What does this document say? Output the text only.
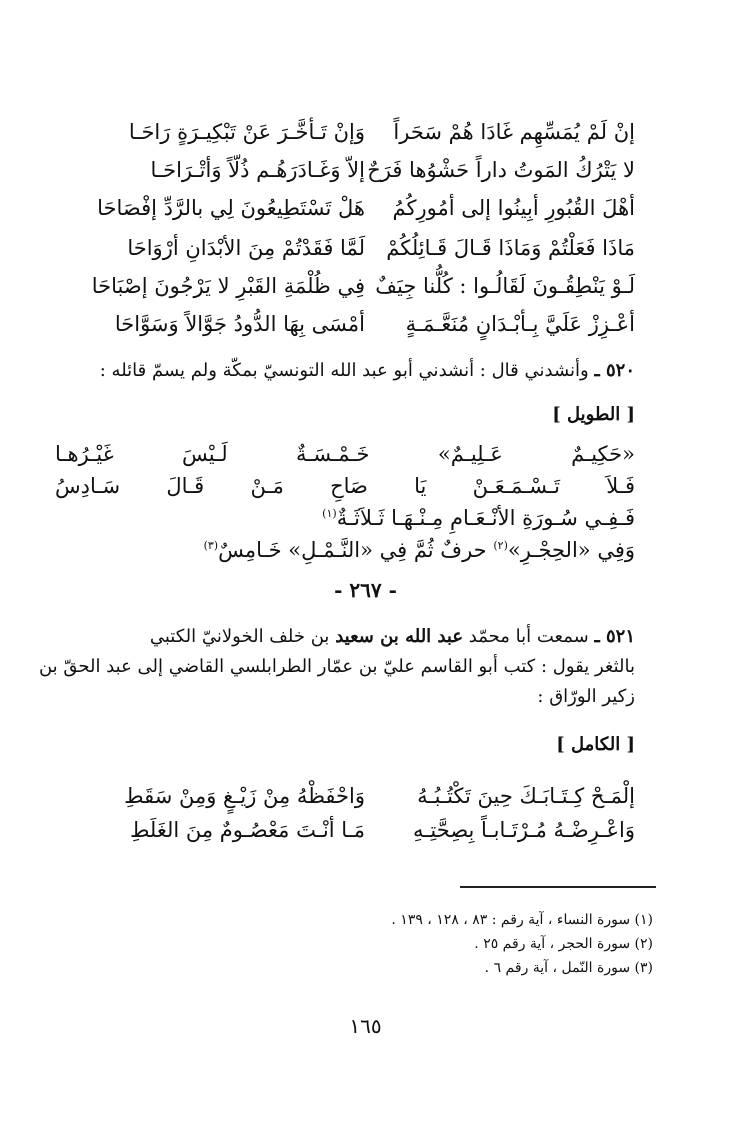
إنْ لَمْ يُمَسِّهِم غَادَا هُمْ سَحَراً
وَإنْ تَـأخَّـرَ عَنْ تَبْكِيـرَةٍ رَاحَـا
لا يَتْرُكُ المَوتُ داراً حَشْوُها فَرَحٌ
إلاّ وَغَـادَرَهُـم ذُلّاً وَأتْـرَاحَـا
أهْلَ القُبُورِ أبِينُوا إلى أمُورِكُمُ
هَلْ تَسْتَطِيعُونَ لِي بالرَّدِّ إفْصَاحَا
مَاذَا فَعَلْتُمْ وَمَاذَا قَـالَ قَـائِلُكُمْ
لَمَّا فَقَدْتُمْ مِنَ الأبْدَانِ أرْوَاحَا
لَـوْ يَنْطِقُـونَ لَقَالُـوا : كُلُّنا جِيَفٌ
فِي ظُلْمَةِ القَبْرِ لا يَرْجُونَ إصْبَاحَا
أعْـزِزْ عَلَيَّ بِـأبْـدَانٍ مُنَعَّـمَـةٍ
أمْسَى بِهَا الدُّودُ جَوَّالاً وَسَوَّاحَا
٥٢٠ ـ وأنشدني قال : أنشدني أبو عبد الله التونسيّ بمكّة ولم يسمّ قائله :
[ الطويل ]
«حَكِيـمٌ عَـلِيـمٌ» خَـمْـسَـةٌ لَـيْسَ غَيْـرُهـا
فَـلاَ تَـسْـمَـعَـنْ يَا صَاحِ مَـنْ قَـالَ سَـادِسُ
فَـفِـي سُـورَةِ الأنْـعَـامِ مِـنْـهَـا ثَـلاَثَـةٌ$^{(١)}$
وَفِي «الحِجْـرِ»$^{(٢)}$ حرفٌ ثُمَّ فِي «النَّـمْـلِ» خَـامِسٌ$^{(٣)}$
- ٢٦٧ -
٥٢١ ـ سمعت أبا محمّد عبد الله بن سعيد بن خلف الخولانيّ الكتبي
بالثغر يقول : كتب أبو القاسم عليّ بن عمّار الطرابلسي القاضي إلى عبد الحقّ بن
زكير الورّاق :
[ الكامل ]
إلْمَـحْ كِـتَـابَـكَ حِينَ تَكْتُـبُـهُ
وَاحْفَظْهُ مِنْ زَيْـغٍ وَمِنْ سَقَطِ
وَاعْـرِضْـهُ مُـرْتَـابـاً بِصِحَّتِـهِ
مَـا أنْـتَ مَعْصُـومٌ مِنَ الغَلَطِ
(١) سورة النساء ، آية رقم : ٨٣ ، ١٢٨ ، ١٣٩ .
(٢) سورة الحجر ، آية رقم ٢٥ .
(٣) سورة النّمل ، آية رقم ٦ .
١٦٥
